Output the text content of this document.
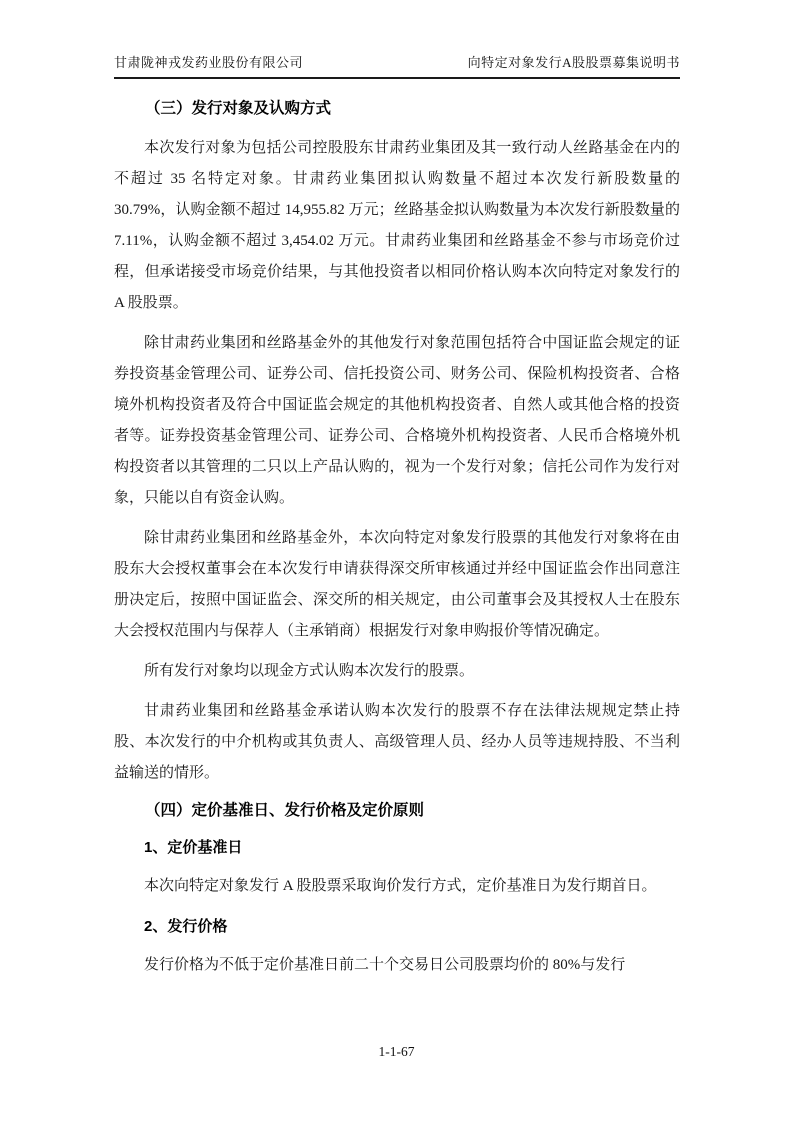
甘肃陇神戎发药业股份有限公司	向特定对象发行A股股票募集说明书
（三）发行对象及认购方式

本次发行对象为包括公司控股股东甘肃药业集团及其一致行动人丝路基金在内的不超过 35 名特定对象。甘肃药业集团拟认购数量不超过本次发行新股数量的 30.79%，认购金额不超过 14,955.82 万元；丝路基金拟认购数量为本次发行新股数量的 7.11%，认购金额不超过 3,454.02 万元。甘肃药业集团和丝路基金不参与市场竞价过程，但承诺接受市场竞价结果，与其他投资者以相同价格认购本次向特定对象发行的 A 股股票。

除甘肃药业集团和丝路基金外的其他发行对象范围包括符合中国证监会规定的证券投资基金管理公司、证券公司、信托投资公司、财务公司、保险机构投资者、合格境外机构投资者及符合中国证监会规定的其他机构投资者、自然人或其他合格的投资者等。证券投资基金管理公司、证券公司、合格境外机构投资者、人民币合格境外机构投资者以其管理的二只以上产品认购的，视为一个发行对象；信托公司作为发行对象，只能以自有资金认购。

除甘肃药业集团和丝路基金外，本次向特定对象发行股票的其他发行对象将在由股东大会授权董事会在本次发行申请获得深交所审核通过并经中国证监会作出同意注册决定后，按照中国证监会、深交所的相关规定，由公司董事会及其授权人士在股东大会授权范围内与保荐人（主承销商）根据发行对象申购报价等情况确定。

所有发行对象均以现金方式认购本次发行的股票。

甘肃药业集团和丝路基金承诺认购本次发行的股票不存在法律法规规定禁止持股、本次发行的中介机构或其负责人、高级管理人员、经办人员等违规持股、不当利益输送的情形。

（四）定价基准日、发行价格及定价原则
1、定价基准日

本次向特定对象发行 A 股股票采取询价发行方式，定价基准日为发行期首日。

2、发行价格

发行价格为不低于定价基准日前二十个交易日公司股票均价的 80%与发行

1-1-67
